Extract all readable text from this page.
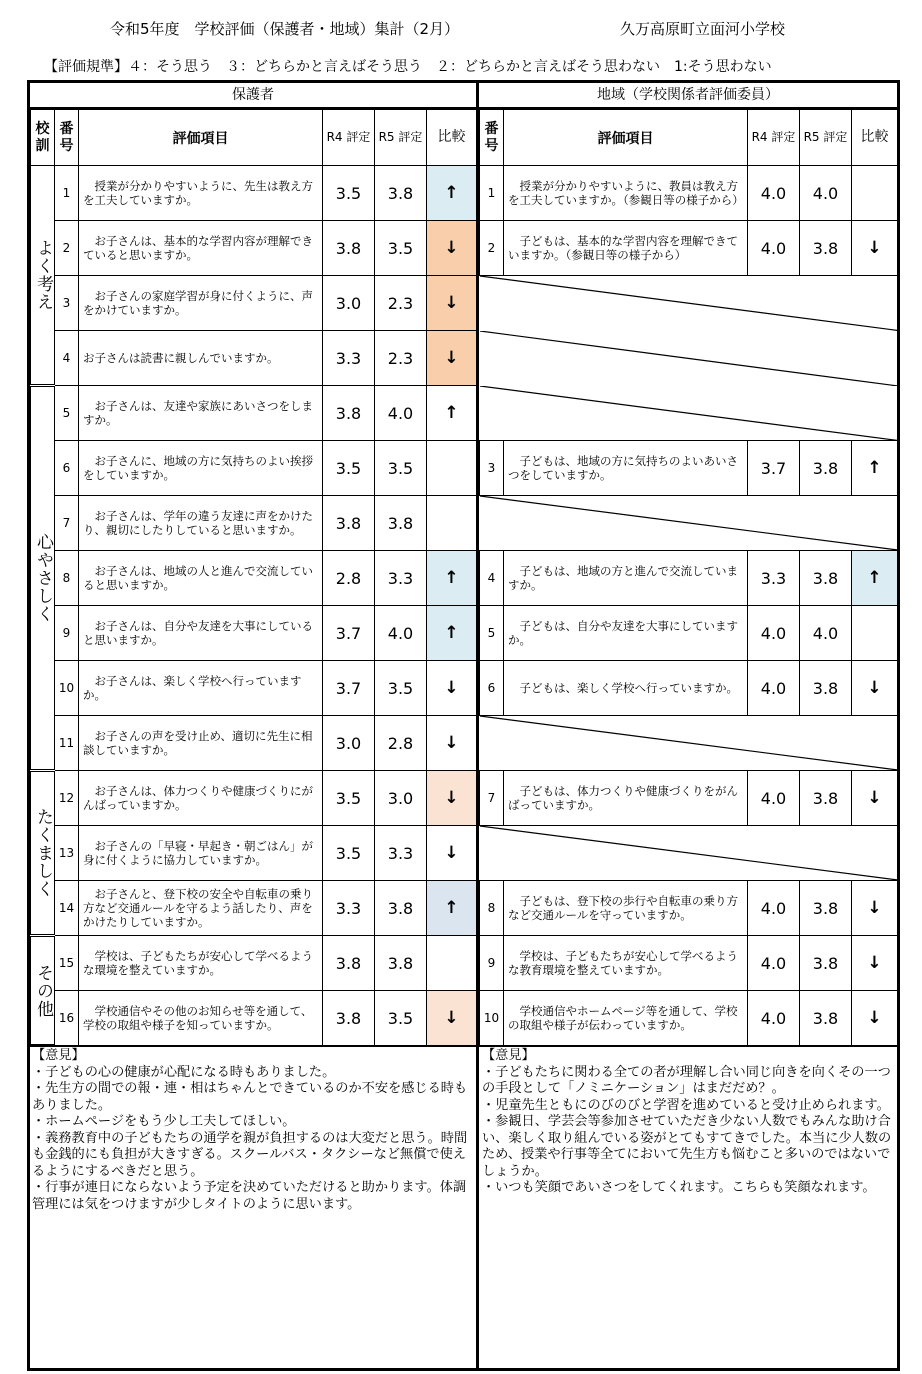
令和5年度　学校評価（保護者・地域）集計（2月）	久万高原町立面河小学校
【評価規準】４：そう思う　３：どちらかと言えばそう思う　２：どちらかと言えばそう思わない　1:そう思わない
保護者	地域（学校関係者評価委員）
校訓	番号	評価項目	R4 評定	R5 評定	比較
よく考え	1	　授業が分かりやすいように、先生は教え方を工夫していますか。	3.5	3.8	↑
	2	　お子さんは、基本的な学習内容が理解できていると思いますか。	3.8	3.5	↓
	3	　お子さんの家庭学習が身に付くように、声をかけていますか。	3.0	2.3	↓
	4	お子さんは読書に親しんでいますか。	3.3	2.3	↓
心やさしく	5	　お子さんは、友達や家族にあいさつをしますか。	3.8	4.0	↑
	6	　お子さんに、地域の方に気持ちのよい挨拶をしていますか。	3.5	3.5	
	7	　お子さんは、学年の違う友達に声をかけたり、親切にしたりしていると思いますか。	3.8	3.8	
	8	　お子さんは、地域の人と進んで交流していると思いますか。	2.8	3.3	↑
	9	　お子さんは、自分や友達を大事にしていると思いますか。	3.7	4.0	↑
	10	　お子さんは、楽しく学校へ行っていますか。	3.7	3.5	↓
	11	　お子さんの声を受け止め、適切に先生に相談していますか。	3.0	2.8	↓
たくましく	12	　お子さんは、体力つくりや健康づくりにがんばっていますか。	3.5	3.0	↓
	13	　お子さんの「早寝・早起き・朝ごはん」が身に付くように協力していますか。	3.5	3.3	↓
	14	　お子さんと、登下校の安全や自転車の乗り方など交通ルールを守るよう話したり、声をかけたりしていますか。	3.3	3.8	↑
その他	15	　学校は、子どもたちが安心して学べるような環境を整えていますか。	3.8	3.8	
	16	　学校通信やその他のお知らせ等を通して、学校の取組や様子を知っていますか。	3.8	3.5	↓
番号	評価項目	R4 評定	R5 評定	比較
1	　授業が分かりやすいように、教員は教え方を工夫していますか。（参観日等の様子から）	4.0	4.0	
2	　子どもは、基本的な学習内容を理解できていますか。（参観日等の様子から）	4.0	3.8	↓

3	　子どもは、地域の方に気持ちのよいあいさつをしていますか。	3.7	3.8	↑

4	　子どもは、地域の方と進んで交流していますか。	3.3	3.8	↑
5	　子どもは、自分や友達を大事にしていますか。	4.0	4.0	
6	　子どもは、楽しく学校へ行っていますか。	4.0	3.8	↓

7	　子どもは、体力つくりや健康づくりをがんばっていますか。	4.0	3.8	↓

8	　子どもは、登下校の歩行や自転車の乗り方など交通ルールを守っていますか。	4.0	3.8	↓
9	　学校は、子どもたちが安心して学べるような教育環境を整えていますか。	4.0	3.8	↓
10	　学校通信やホームページ等を通して、学校の取組や様子が伝わっていますか。	4.0	3.8	↓
【意見】
・子どもの心の健康が心配になる時もありました。
・先生方の間での報・連・相はちゃんとできているのか不安を感じる時もありました。
・ホームページをもう少し工夫してほしい。
・義務教育中の子どもたちの通学を親が負担するのは大変だと思う。時間も金銭的にも負担が大きすぎる。スクールバス・タクシーなど無償で使えるようにするべきだと思う。
・行事が連日にならないよう予定を決めていただけると助かります。体調管理には気をつけますが少しタイトのように思います。
【意見】
・子どもたちに関わる全ての者が理解し合い同じ向きを向くその一つの手段として「ノミニケーション」はまだだめ？。
・児童先生ともにのびのびと学習を進めていると受け止められます。
・参観日、学芸会等参加させていただき少ない人数でもみんな助け合い、楽しく取り組んでいる姿がとてもすてきでした。本当に少人数のため、授業や行事等全てにおいて先生方も悩むこと多いのではないでしょうか。
・いつも笑顔であいさつをしてくれます。こちらも笑顔なれます。
